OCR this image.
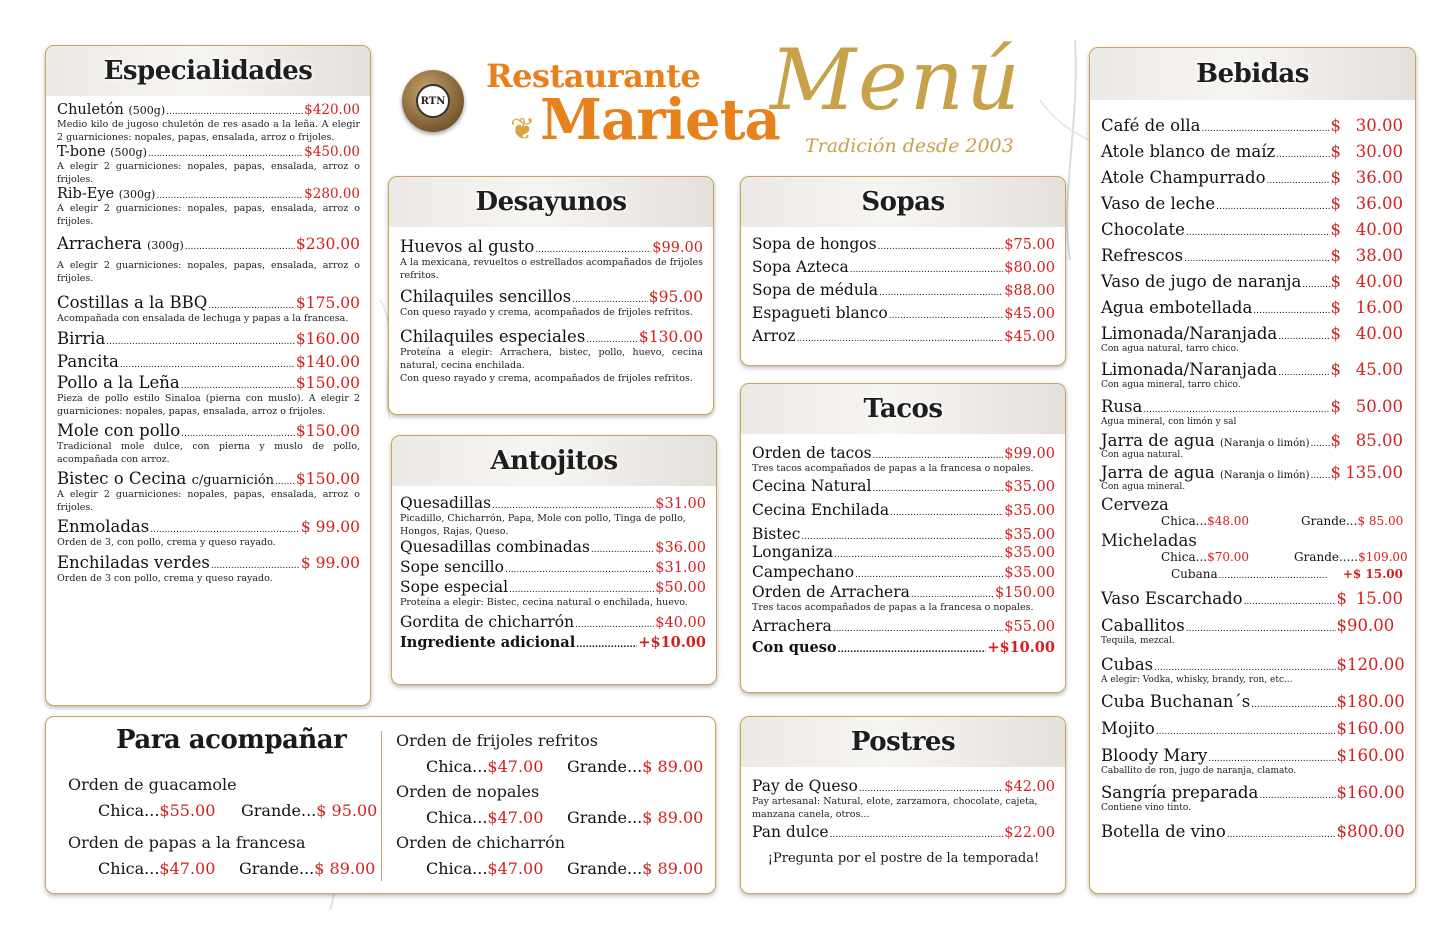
RTN
Restaurante
Marieta
❦
Menú
Tradición desde 2003
Especialidades
Chuletón (500g) .....	$420.00
Medio kilo de jugoso chuletón de res asado a la leña. A elegir 2 guarniciones: nopales, papas, ensalada, arroz o frijoles.
T-bone (500g) .....	$450.00
A elegir 2 guarniciones: nopales, papas, ensalada, arroz o frijoles.
Rib-Eye (300g) .....	$280.00
A elegir 2 guarniciones: nopales, papas, ensalada, arroz o frijoles.
Arrachera (300g) .....	$230.00
A elegir 2 guarniciones: nopales, papas, ensalada, arroz o frijoles.
Costillas a la BBQ .....	$175.00
Acompañada con ensalada de lechuga y papas a la francesa.
Birria .....	$160.00
Pancita .....	$140.00
Pollo a la Leña .....	$150.00
Pieza de pollo estilo Sinaloa (pierna con muslo). A elegir 2 guarniciones: nopales, papas, ensalada, arroz o frijoles.
Mole con pollo .....	$150.00
Tradicional mole dulce, con pierna y muslo de pollo, acompañada con arroz.
Bistec o Cecina c/guarnición ..... $150.00
A elegir 2 guarniciones: nopales, papas, ensalada, arroz o frijoles.
Enmoladas .....	$ 99.00
Orden de 3, con pollo, crema y queso rayado.
Enchiladas verdes .....	$ 99.00
Orden de 3 con pollo, crema y queso rayado.
Desayunos
Huevos al gusto .....	$99.00
A la mexicana, revueltos o estrellados acompañados de frijoles refritos.
Chilaquiles sencillos .....	$95.00
Con queso rayado y crema, acompañados de frijoles refritos.
Chilaquiles especiales .....	$130.00
Proteína a elegir: Arrachera, bistec, pollo, huevo, cecina natural, cecina enchilada.
Con queso rayado y crema, acompañados de frijoles refritos.
Antojitos
Quesadillas .....	$31.00
Picadillo, Chicharrón, Papa, Mole con pollo, Tinga de pollo, Hongos, Rajas, Queso.
Quesadillas combinadas .....	$36.00
Sope sencillo .....	$31.00
Sope especial .....	$50.00
Proteína a elegir: Bistec, cecina natural o enchilada, huevo.
Gordita de chicharrón .....	$40.00
Ingrediente adicional .....	+$10.00
Sopas
Sopa de hongos .....	$75.00
Sopa Azteca .....	$80.00
Sopa de médula .....	$88.00
Espagueti blanco .....	$45.00
Arroz .....	$45.00
Tacos
Orden de tacos .....	$99.00
Tres tacos acompañados de papas a la francesa o nopales.
Cecina Natural .....	$35.00
Cecina Enchilada .....	$35.00
Bistec .....	$35.00
Longaniza .....	$35.00
Campechano .....	$35.00
Orden de Arrachera .....	$150.00
Tres tacos acompañados de papas a la francesa o nopales.
Arrachera .....	$55.00
Con queso .....	+$10.00
Para acompañar
Orden de guacamole
Chica... $55.00 Grande... $ 95.00
Orden de papas a la francesa
Chica... $47.00 Grande... $ 89.00
Orden de frijoles refritos
Chica... $47.00 Grande... $ 89.00
Orden de nopales
Chica... $47.00 Grande... $ 89.00
Orden de chicharrón
Chica... $47.00 Grande... $ 89.00
Postres
Pay de Queso .....	$42.00
Pay artesanal: Natural, elote, zarzamora, chocolate, cajeta, manzana canela, otros...
Pan dulce .....	$22.00
¡Pregunta por el postre de la temporada!
Bebidas
Café de olla .....	$ 30.00
Atole blanco de maíz .....	$ 30.00
Atole Champurrado .....	$ 36.00
Vaso de leche .....	$ 36.00
Chocolate .....	$ 40.00
Refrescos .....	$ 38.00
Vaso de jugo de naranja ..... $ 40.00
Agua embotellada .....	$ 16.00
Limonada/Naranjada .....	$ 40.00
Con agua natural, tarro chico.
Limonada/Naranjada .....	$ 45.00
Con agua mineral, tarro chico.
Rusa .....	$ 50.00
Agua mineral, con limón y sal
Jarra de agua (Naranja o limón) ..... $ 85.00
Con agua natural.
Jarra de agua (Naranja o limón) ..... $ 135.00
Con agua mineral.
Cerveza
Chica... $48.00	Grande... $ 85.00
Micheladas
Chica... $70.00	Grande..... $109.00
Cubana .....	+$ 15.00
Vaso Escarchado .....	$ 15.00
Caballitos .....	$ 90.00
Tequila, mezcal.
Cubas .....	$ 120.00
A elegir: Vodka, whisky, brandy, ron, etc...
Cuba Buchanan´s .....	$ 180.00
Mojito .....	$ 160.00
Bloody Mary .....	$ 160.00
Caballito de ron, jugo de naranja, clamato.
Sangría preparada .....	$ 160.00
Contiene vino tinto.
Botella de vino .....	$ 800.00
